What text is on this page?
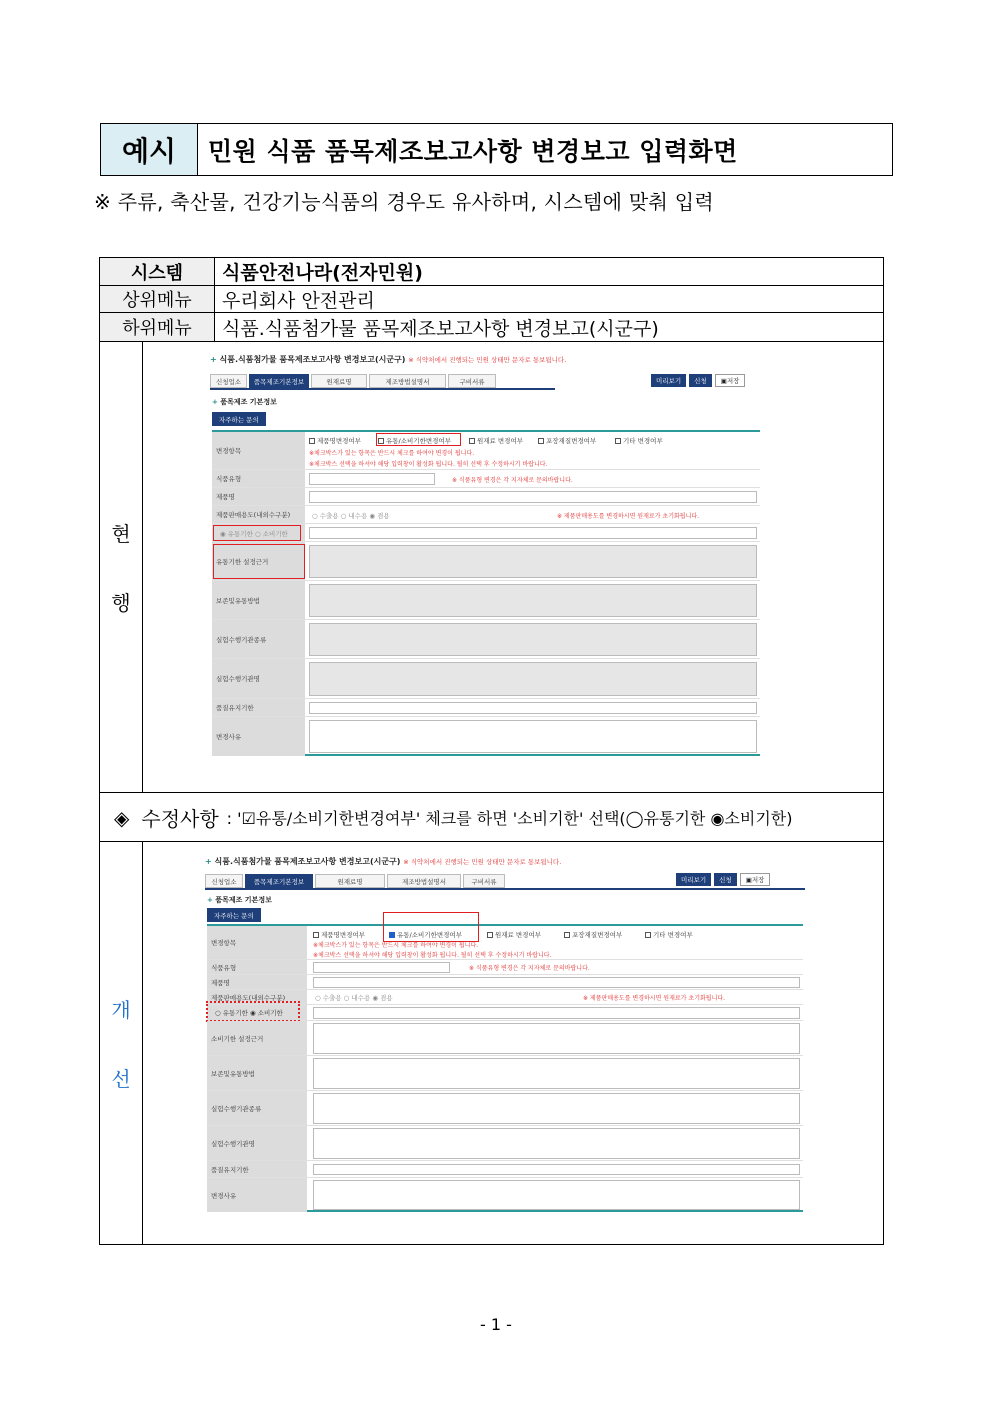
예시	민원 식품 품목제조보고사항 변경보고 입력화면
※ 주류, 축산물, 건강기능식품의 경우도 유사하며, 시스템에 맞춰 입력
시스템	식품안전나라(전자민원)
상위메뉴	우리회사 안전관리
하위메뉴	식품.식품첨가물 품목제조보고사항 변경보고(시군구)
현
행
+ 식품.식품첨가물 품목제조보고사항 변경보고(시군구) ※ 식약처에서 진행되는 민원 상태만 문자로 통보됩니다.
신청업소	품목제조기본정보	원재료명	제조방법설명서	구비서류	미리보기	신청	▣ 저장
+ 품목제조 기본정보
자주하는 문의
변경항목
제품명변경여부	유통/소비기한변경여부	원재료 변경여부	포장재질변경여부	기타 변경여부
※체크박스가 있는 항목은 반드시 체크를 하여야 변경이 됩니다.
※체크박스 선택을 하셔야 해당 입력창이 활성화 됩니다. 될히 선택 후 수정하시기 바랍니다.
식품유형	※ 식품유형 변경은 각 지자체로 문의바랍니다.
제품명
제품판매용도(내외수구분)	○ 수출용 ○ 내수용 ◉ 겸용	※ 제품판매용도를 변경하시면 원재료가 초기화됩니다.
◉ 유통기한 ○ 소비기한
유통기한 설정근거
보존및유통방법
실험수행기관종류
실험수행기관명
품질유지기한
변경사유
◈ 수정사항 : '☑유통/소비기한변경여부' 체크를 하면 '소비기한' 선택(◯유통기한 ◉소비기한)
개
선
+ 식품.식품첨가물 품목제조보고사항 변경보고(시군구) ※ 식약처에서 진행되는 민원 상태만 문자로 통보됩니다.
신청업소	품목제조기본정보	원재료명	제조방법설명서	구비서류	미리보기	신청	▣ 저장
+ 품목제조 기본정보
자주하는 문의
변경항목
제품명변경여부	유통/소비기한변경여부	원재료 변경여부	포장재질변경여부	기타 변경여부
※체크박스가 있는 항목은 반드시 체크를 하여야 변경이 됩니다.
※체크박스 선택을 하셔야 해당 입력창이 활성화 됩니다. 될히 선택 후 수정하시기 바랍니다.
식품유형	※ 식품유형 변경은 각 지자체로 문의바랍니다.
제품명
제품판매용도(내외수구분)	○ 수출용 ○ 내수용 ◉ 겸용	※ 제품판매용도를 변경하시면 원재료가 초기화됩니다.
○ 유통기한 ◉ 소비기한
소비기한 설정근거
보존및유통방법
실험수행기관종류
실험수행기관명
품질유지기한
변경사유
- 1 -
